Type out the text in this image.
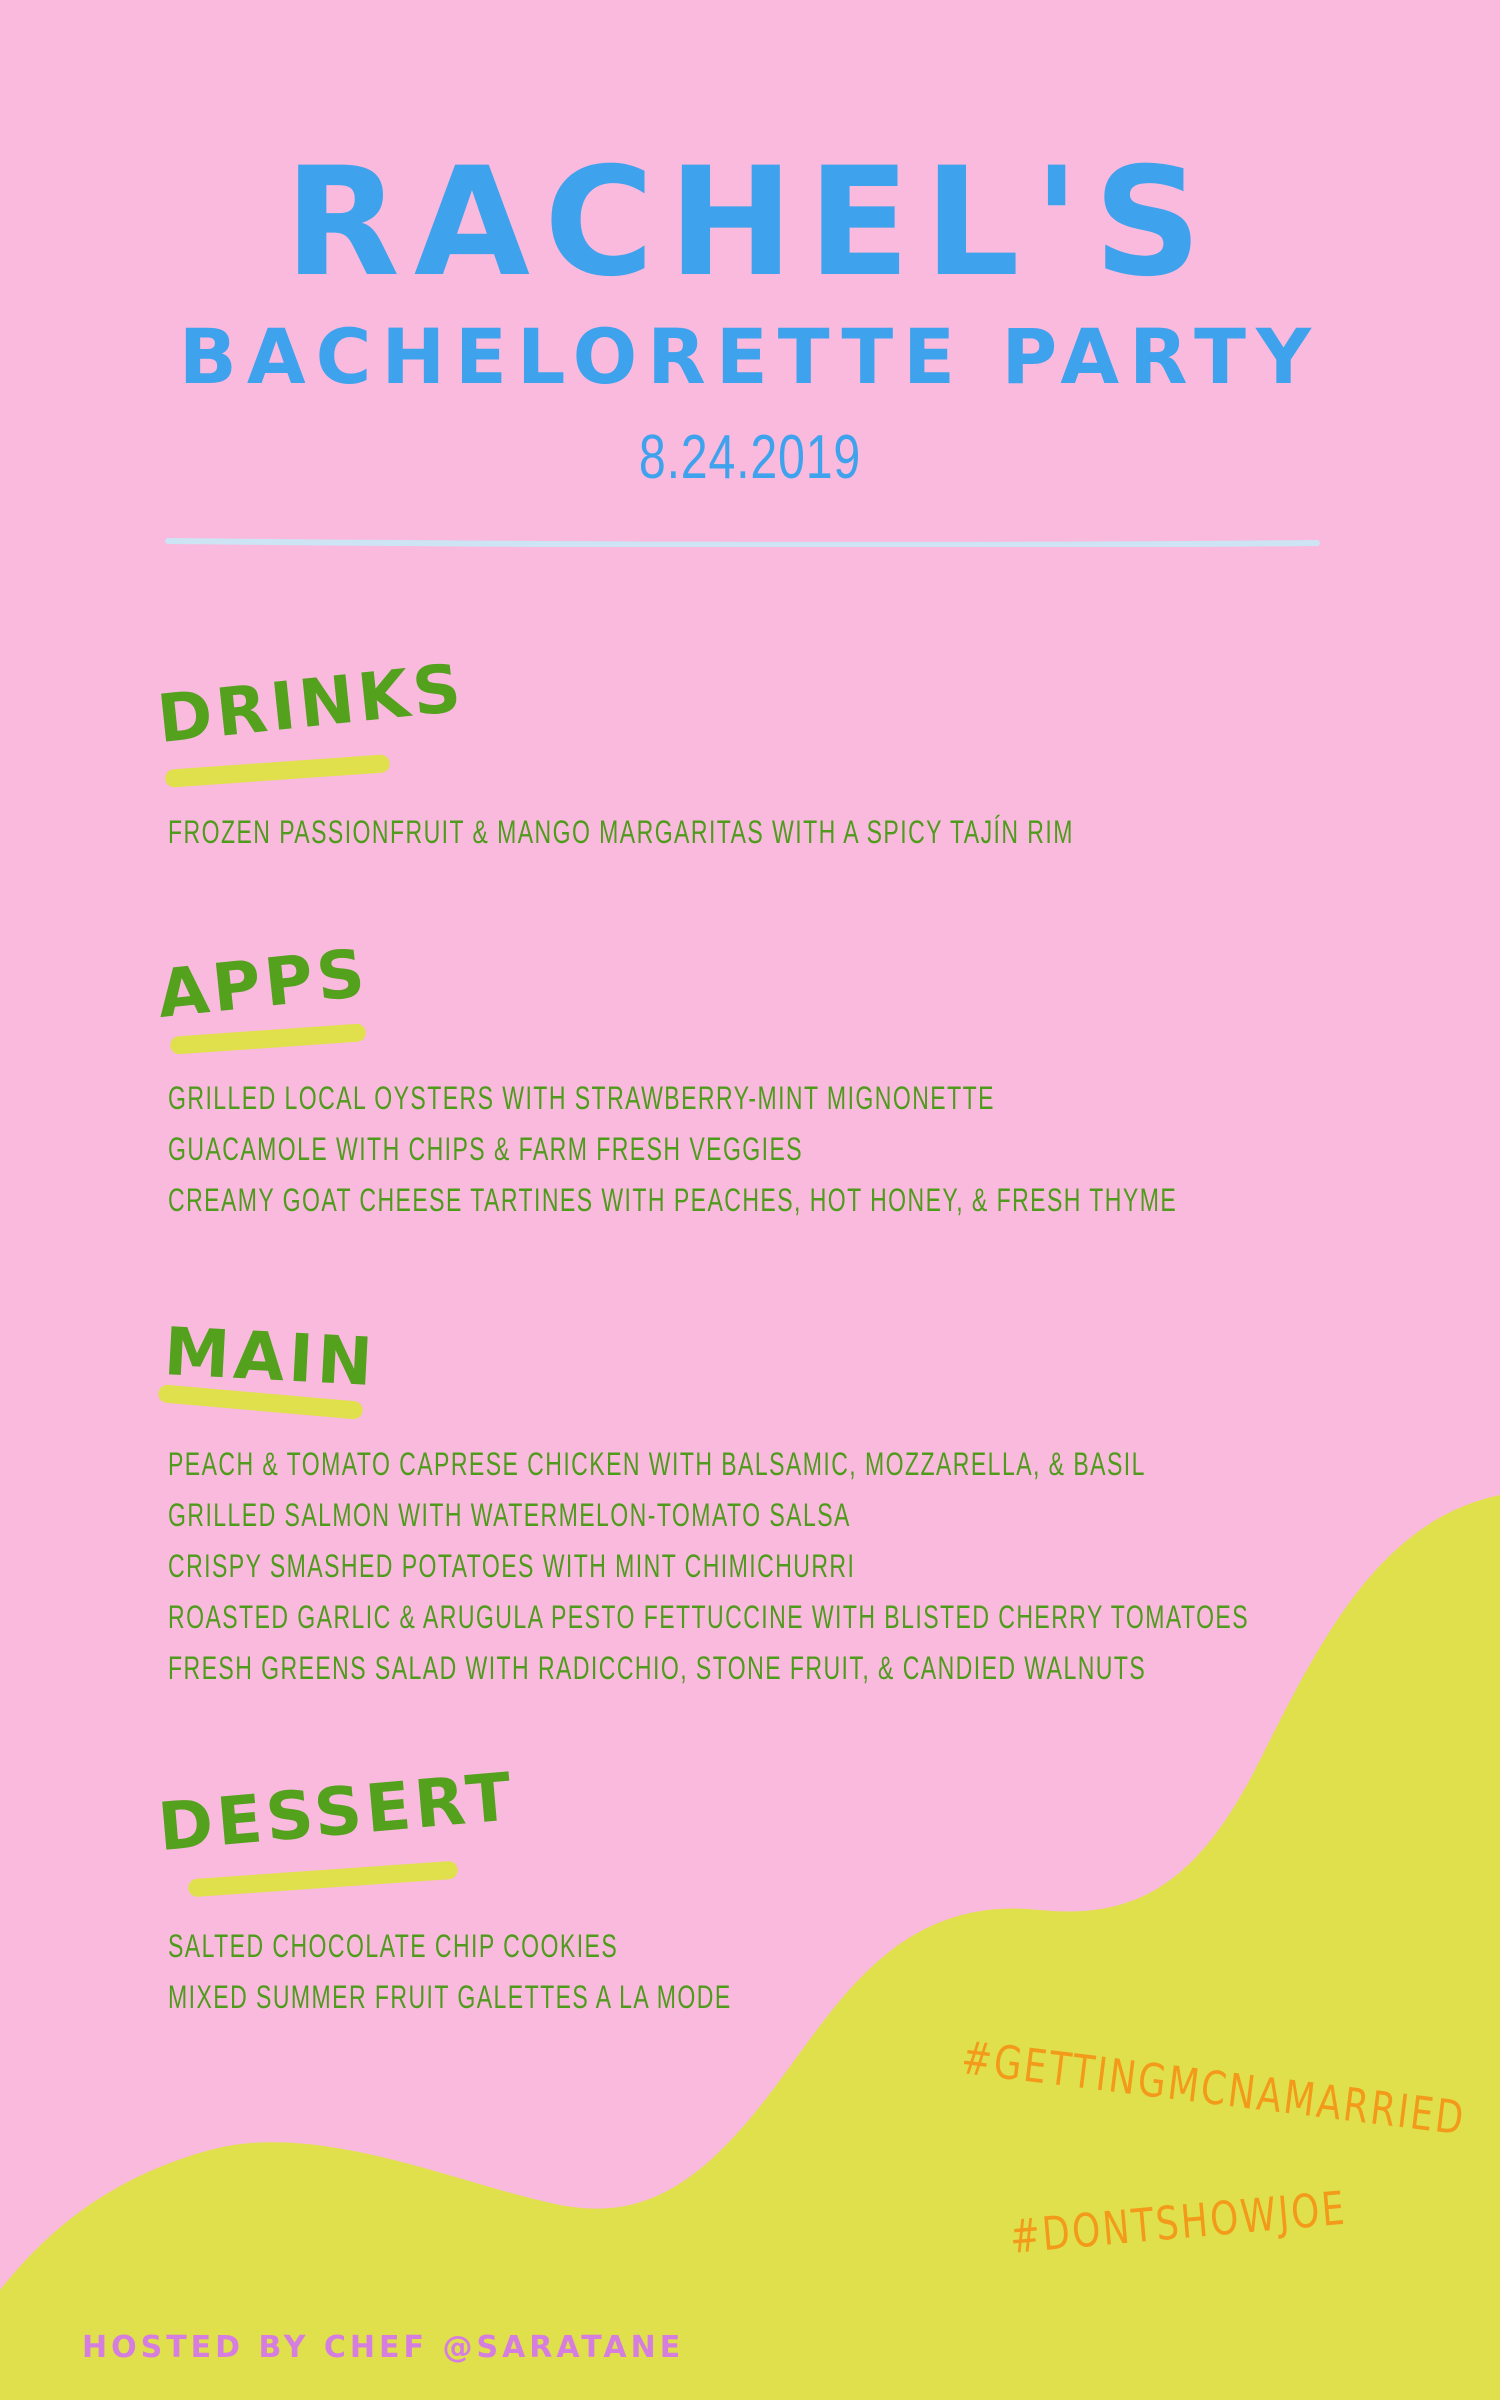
RACHEL'S
BACHELORETTE PARTY
8.24.2019
DRINKS
FROZEN PASSIONFRUIT & MANGO MARGARITAS WITH A SPICY TAJÍN RIM
APPS
GRILLED LOCAL OYSTERS WITH STRAWBERRY-MINT MIGNONETTE
GUACAMOLE WITH CHIPS & FARM FRESH VEGGIES
CREAMY GOAT CHEESE TARTINES WITH PEACHES, HOT HONEY, & FRESH THYME
MAIN
PEACH & TOMATO CAPRESE CHICKEN WITH BALSAMIC, MOZZARELLA, & BASIL
GRILLED SALMON WITH WATERMELON-TOMATO SALSA
CRISPY SMASHED POTATOES WITH MINT CHIMICHURRI
ROASTED GARLIC & ARUGULA PESTO FETTUCCINE WITH BLISTED CHERRY TOMATOES
FRESH GREENS SALAD WITH RADICCHIO, STONE FRUIT, & CANDIED WALNUTS
DESSERT
SALTED CHOCOLATE CHIP COOKIES
MIXED SUMMER FRUIT GALETTES A LA MODE
#GETTINGMCNAMARRIED
#DONTSHOWJOE
HOSTED BY CHEF @SARATANE
